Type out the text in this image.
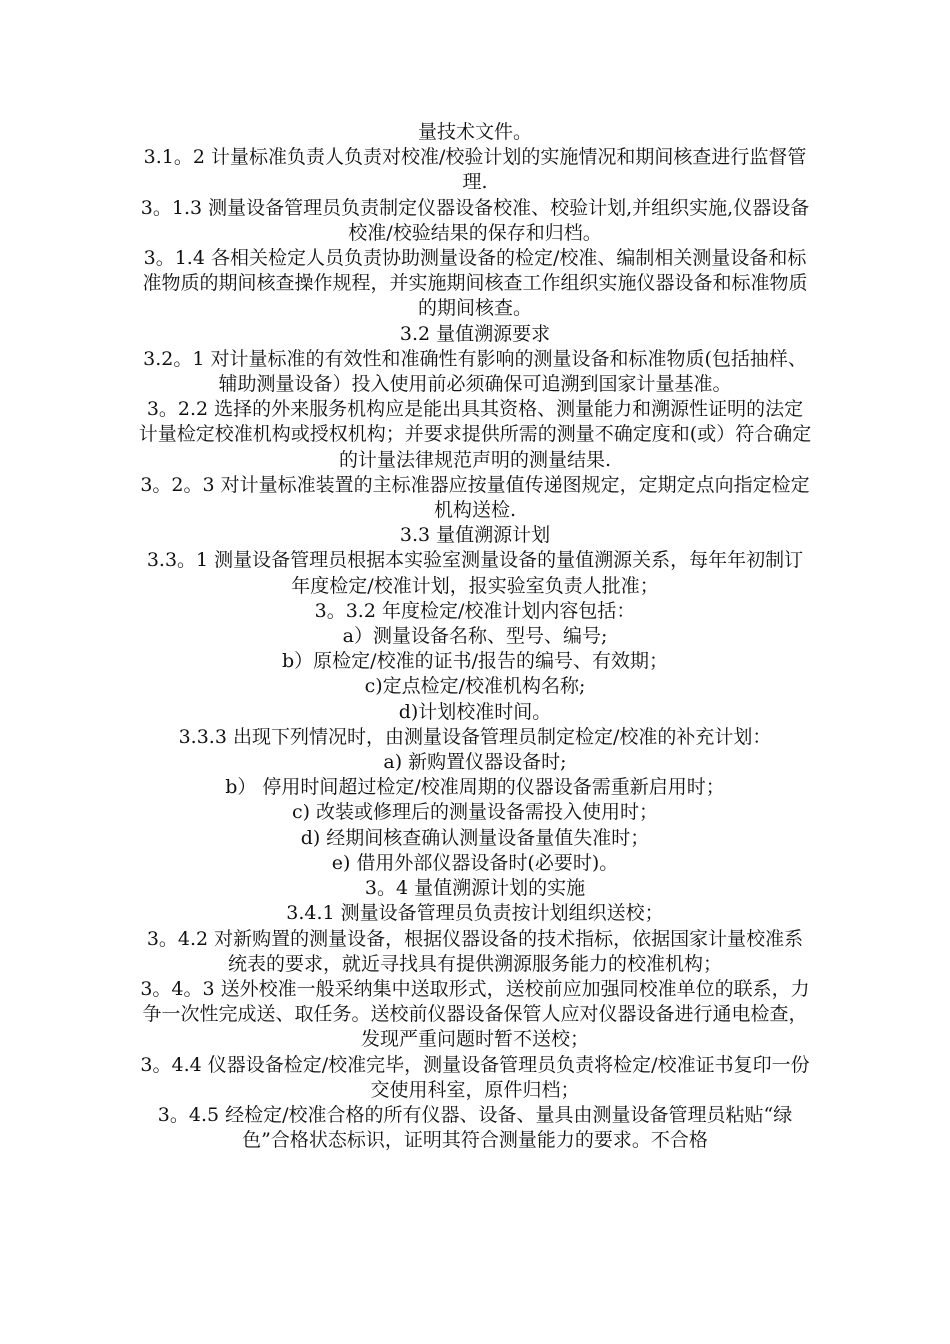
量技术文件。

3.1。2 计量标准负责人负责对校准/校验计划的实施情况和期间核查进行监督管理.

3。1.3 测量设备管理员负责制定仪器设备校准、校验计划,并组织实施,仪器设备校准/校验结果的保存和归档。

3。1.4 各相关检定人员负责协助测量设备的检定/校准、编制相关测量设备和标准物质的期间核查操作规程，并实施期间核查工作组织实施仪器设备和标准物质的期间核查。

3.2 量值溯源要求

3.2。1 对计量标准的有效性和准确性有影响的测量设备和标准物质(包括抽样、辅助测量设备）投入使用前必须确保可追溯到国家计量基准。

3。2.2 选择的外来服务机构应是能出具其资格、测量能力和溯源性证明的法定计量检定校准机构或授权机构；并要求提供所需的测量不确定度和(或）符合确定的计量法律规范声明的测量结果.

3。2。3 对计量标准装置的主标准器应按量值传递图规定，定期定点向指定检定机构送检.

3.3 量值溯源计划

3.3。1 测量设备管理员根据本实验室测量设备的量值溯源关系，每年年初制订年度检定/校准计划，报实验室负责人批准；

3。3.2 年度检定/校准计划内容包括：

a）测量设备名称、型号、编号;

b）原检定/校准的证书/报告的编号、有效期；

c)定点检定/校准机构名称;

d)计划校准时间。

3.3.3 出现下列情况时，由测量设备管理员制定检定/校准的补充计划：

a) 新购置仪器设备时;

b） 停用时间超过检定/校准周期的仪器设备需重新启用时；

c) 改装或修理后的测量设备需投入使用时；

d) 经期间核查确认测量设备量值失准时；

e) 借用外部仪器设备时(必要时)。

3。4 量值溯源计划的实施

3.4.1 测量设备管理员负责按计划组织送校；

3。4.2 对新购置的测量设备，根据仪器设备的技术指标，依据国家计量校准系统表的要求，就近寻找具有提供溯源服务能力的校准机构；

3。4。3 送外校准一般采纳集中送取形式，送校前应加强同校准单位的联系，力争一次性完成送、取任务。送校前仪器设备保管人应对仪器设备进行通电检查，发现严重问题时暂不送校；

3。4.4 仪器设备检定/校准完毕，测量设备管理员负责将检定/校准证书复印一份交使用科室，原件归档；

3。4.5 经检定/校准合格的所有仪器、设备、量具由测量设备管理员粘贴“绿色”合格状态标识，证明其符合测量能力的要求。不合格
